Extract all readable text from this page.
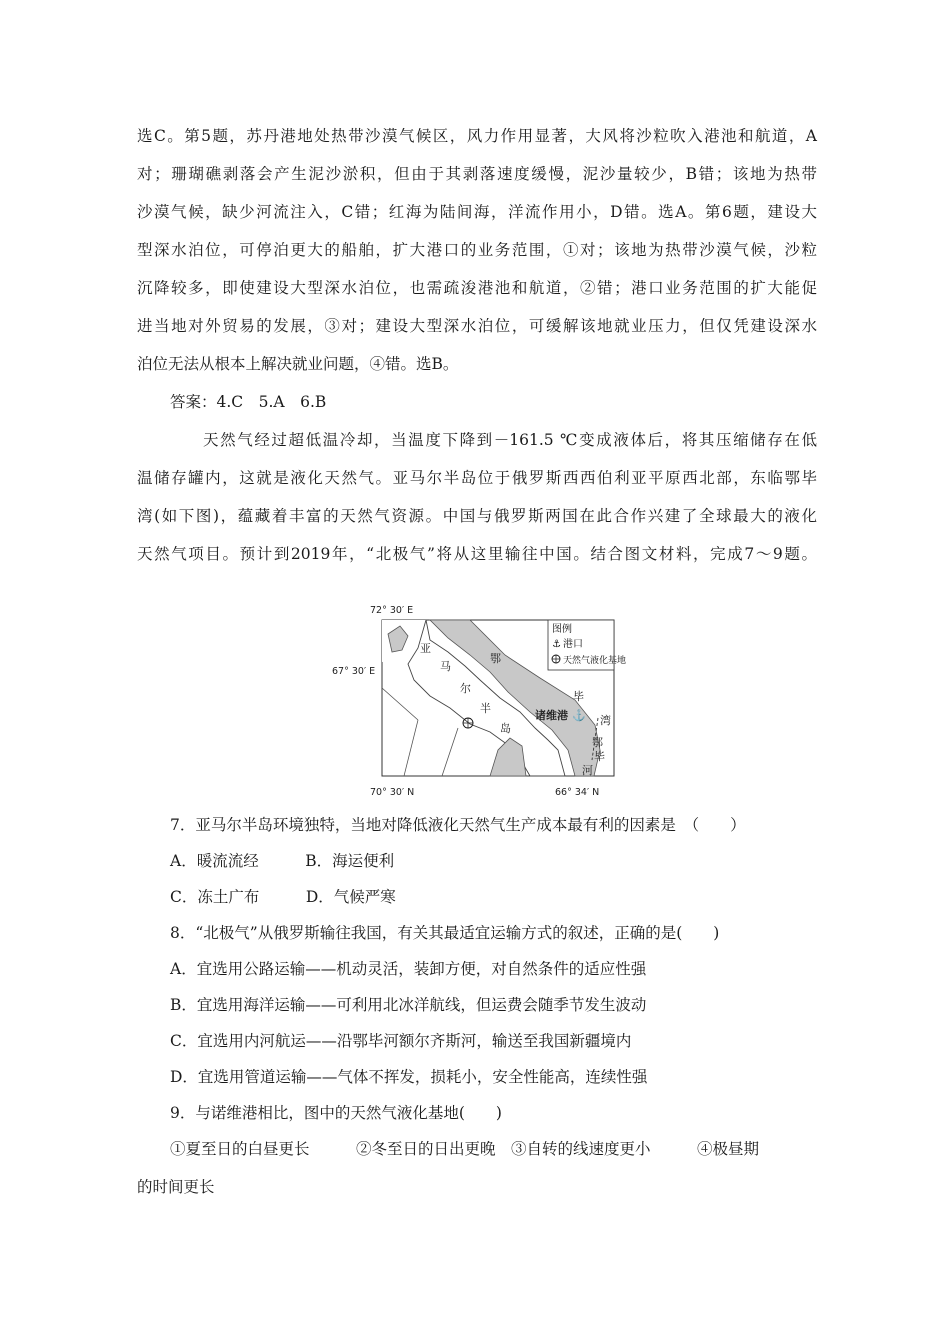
选C。第5题，苏丹港地处热带沙漠气候区，风力作用显著，大风将沙粒吹入港池和航道，A
对；珊瑚礁剥落会产生泥沙淤积，但由于其剥落速度缓慢，泥沙量较少，B错；该地为热带
沙漠气候，缺少河流注入，C错；红海为陆间海，洋流作用小，D错。选A。第6题，建设大
型深水泊位，可停泊更大的船舶，扩大港口的业务范围，①对；该地为热带沙漠气候，沙粒
沉降较多，即使建设大型深水泊位，也需疏浚港池和航道，②错；港口业务范围的扩大能促
进当地对外贸易的发展，③对；建设大型深水泊位，可缓解该地就业压力，但仅凭建设深水
泊位无法从根本上解决就业问题，④错。选B。
答案：4.C　5.A　6.B
天然气经过超低温冷却，当温度下降到－161.5 ℃变成液体后，将其压缩储存在低
温储存罐内，这就是液化天然气。亚马尔半岛位于俄罗斯西西伯利亚平原西北部，东临鄂毕
湾(如下图)，蕴藏着丰富的天然气资源。中国与俄罗斯两国在此合作兴建了全球最大的液化
天然气项目。预计到2019年，“北极气”将从这里输往中国。结合图文材料，完成7～9题。
72° 30′ E
67° 30′ E
70° 30′ N	66° 34′ N
图例
⚓ 港口
天然气液化基地
亚
马
尔
半
岛
鄂
毕
湾
鄂
毕
河
诸维港 ⚓
7．亚马尔半岛环境独特，当地对降低液化天然气生产成本最有利的因素是　（　　）
A．暖流流经　　　B．海运便利
C．冻土广布　　　D．气候严寒
8．“北极气”从俄罗斯输往我国，有关其最适宜运输方式的叙述，正确的是(　　)
A．宜选用公路运输——机动灵活，装卸方便，对自然条件的适应性强
B．宜选用海洋运输——可利用北冰洋航线，但运费会随季节发生波动
C．宜选用内河航运——沿鄂毕河额尔齐斯河，输送至我国新疆境内
D．宜选用管道运输——气体不挥发，损耗小，安全性能高，连续性强
9．与诺维港相比，图中的天然气液化基地(　　)
①夏至日的白昼更长　　　②冬至日的日出更晚　③自转的线速度更小　　　④极昼期
的时间更长
